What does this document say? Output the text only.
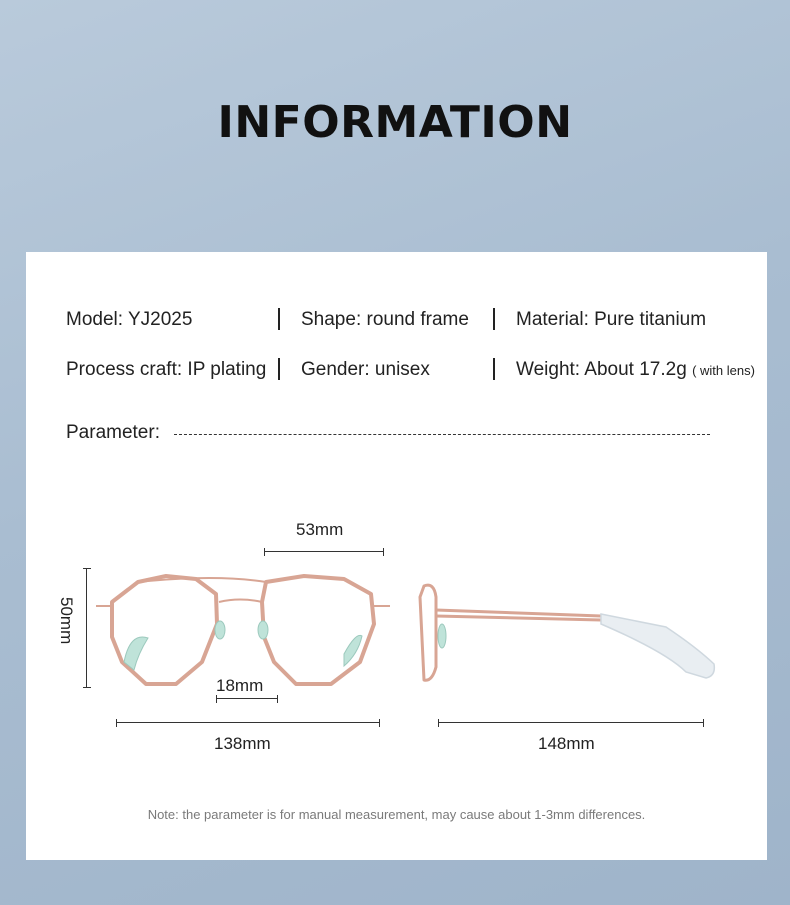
INFORMATION
Model: YJ2025	Shape: round frame Material: Pure titanium
Process craft: IP plating Gender: unisex	Weight: About 17.2g ( with lens)
Parameter:
53mm
50mm
18mm
138mm	148mm
Note: the parameter is for manual measurement, may cause about 1-3mm differences.
